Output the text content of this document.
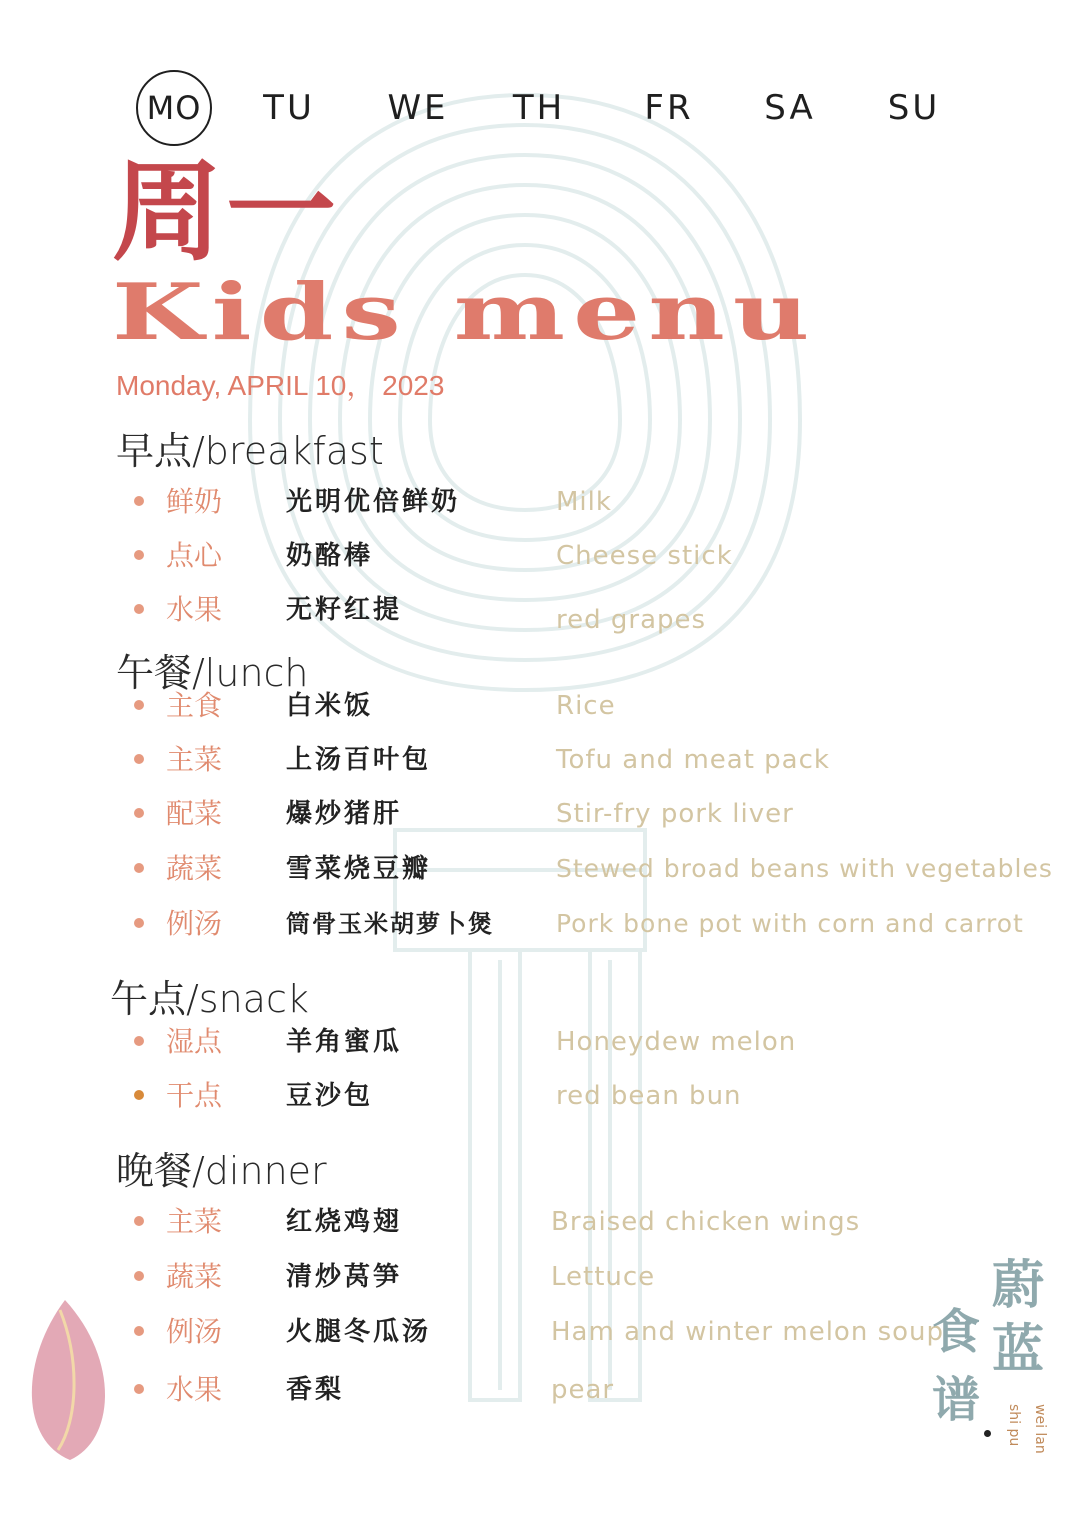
MO	TU	WE	TH	FR	SA	SU
周一
Kids menu
Monday, APRIL 10， 2023
早点/breakfast
鲜奶 光明优倍鲜奶	Milk
点心 奶酪棒	Cheese stick
水果 无籽红提	red grapes
午餐/lunch
主食 白米饭	Rice
主菜 上汤百叶包	Tofu and meat pack
配菜 爆炒猪肝	Stir-fry pork liver
蔬菜 雪菜烧豆瓣	Stewed broad beans with vegetables
例汤	筒骨玉米胡萝卜煲 Pork bone pot with corn and carrot
午点/snack
湿点 羊角蜜瓜	Honeydew melon
干点 豆沙包	red bean bun
晚餐/dinner
主菜 红烧鸡翅	Braised chicken wings
蔬菜 清炒莴笋	Lettuce
例汤 火腿冬瓜汤	Ham and winter melon soup
水果 香梨	pear
蔚
蓝
食
谱
wei lan
shi pu
